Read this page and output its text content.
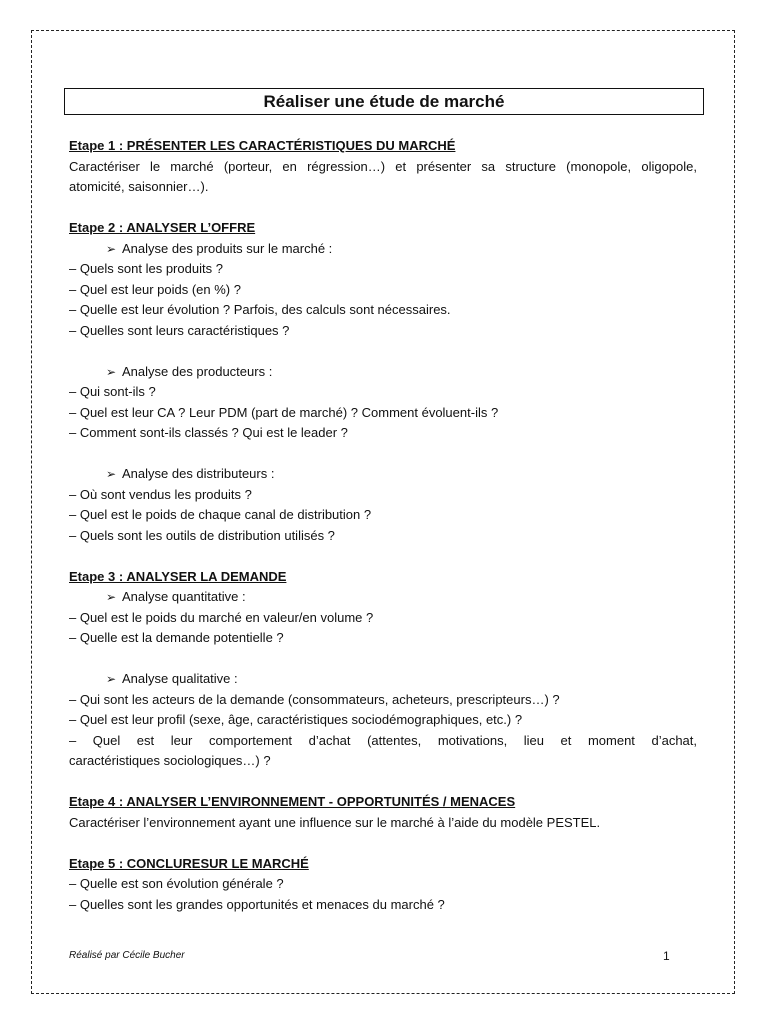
Réaliser une étude de marché

Etape 1 : PRÉSENTER LES CARACTÉRISTIQUES DU MARCHÉ

Caractériser le marché (porteur, en régression…) et présenter sa structure (monopole, oligopole,

atomicité, saisonnier…).

Etape 2 : ANALYSER L’OFFRE

➢ Analyse des produits sur le marché :

– Quels sont les produits ?

– Quel est leur poids (en %) ?

– Quelle est leur évolution ? Parfois, des calculs sont nécessaires.

– Quelles sont leurs caractéristiques ?

➢ Analyse des producteurs :

– Qui sont-ils ?

– Quel est leur CA ? Leur PDM (part de marché) ? Comment évoluent-ils ?

– Comment sont-ils classés ? Qui est le leader ?

➢ Analyse des distributeurs :

– Où sont vendus les produits ?

– Quel est le poids de chaque canal de distribution ?

– Quels sont les outils de distribution utilisés ?

Etape 3 : ANALYSER LA DEMANDE

➢ Analyse quantitative :

– Quel est le poids du marché en valeur/en volume ?

– Quelle est la demande potentielle ?

➢ Analyse qualitative :

– Qui sont les acteurs de la demande (consommateurs, acheteurs, prescripteurs…) ?

– Quel est leur profil (sexe, âge, caractéristiques sociodémographiques, etc.) ?

– Quel est leur comportement d’achat (attentes, motivations, lieu et moment d’achat,

caractéristiques sociologiques…) ?

Etape 4 : ANALYSER L’ENVIRONNEMENT - OPPORTUNITÉS / MENACES

Caractériser l’environnement ayant une influence sur le marché à l’aide du modèle PESTEL.

Etape 5 : CONCLURESUR LE MARCHÉ

– Quelle est son évolution générale ?

– Quelles sont les grandes opportunités et menaces du marché ?

Réalisé par Cécile Bucher	1
